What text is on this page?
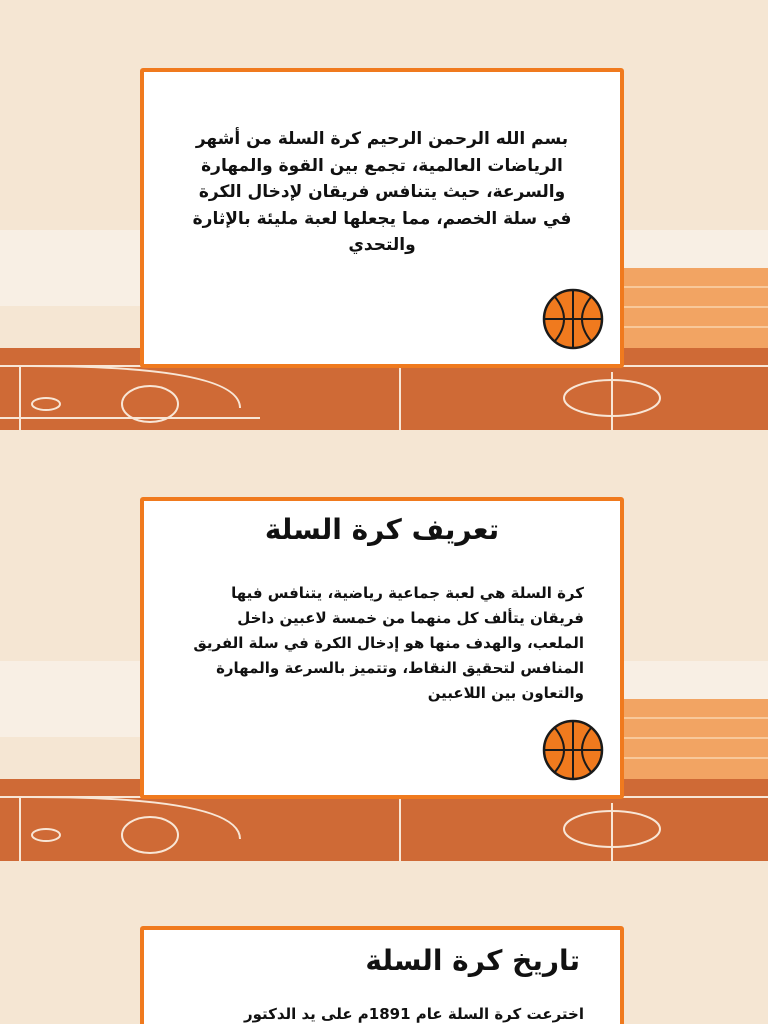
بسم الله الرحمن الرحيم كرة السلة من أشهر الرياضات العالمية، تجمع بين القوة والمهارة والسرعة، حيث يتنافس فريقان لإدخال الكرة في سلة الخصم، مما يجعلها لعبة مليئة بالإثارة والتحدي
تعريف كرة السلة
كرة السلة هي لعبة جماعية رياضية، يتنافس فيها فريقان يتألف كل منهما من خمسة لاعبين داخل الملعب، والهدف منها هو إدخال الكرة في سلة الفريق المنافس لتحقيق النقاط، وتتميز بالسرعة والمهارة والتعاون بين اللاعبين
تاريخ كرة السلة
اخترعت كرة السلة عام 1891م على يد الدكتور
